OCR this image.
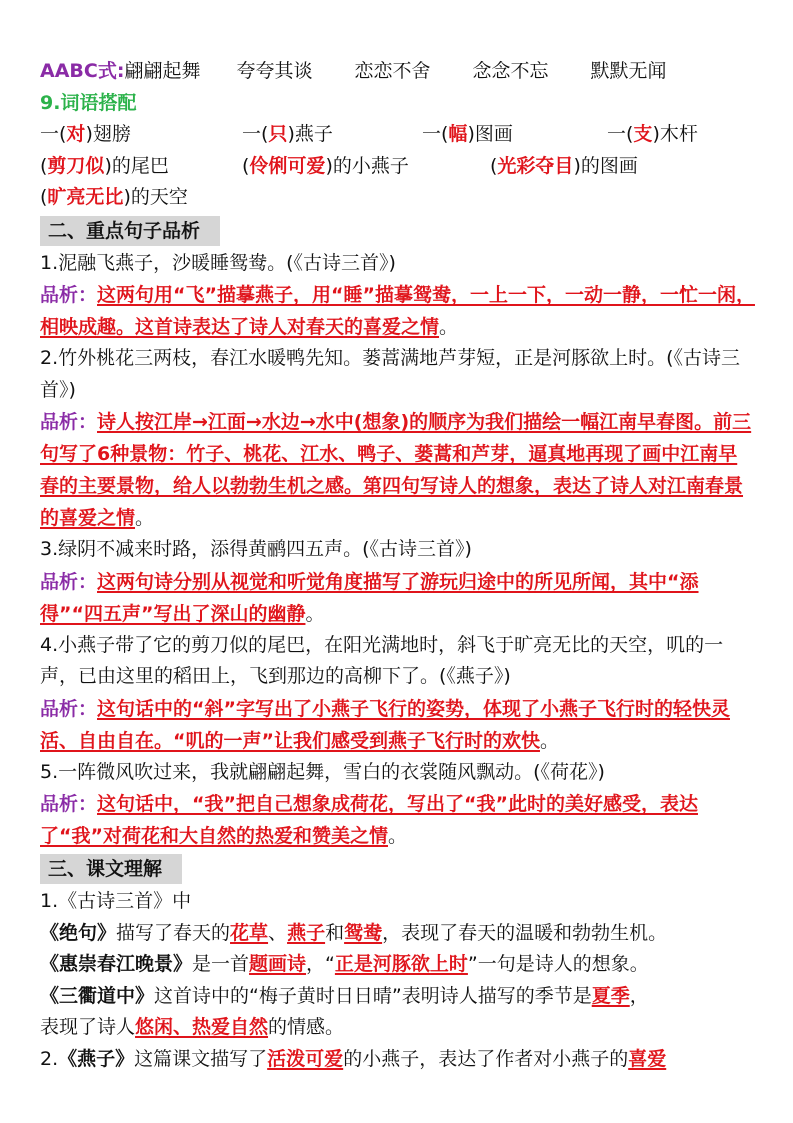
AABC式:翩翩起舞 夸夸其谈 恋恋不舍 念念不忘 默默无闻
9.词语搭配
一(对)翅膀	一(只)燕子	一(幅)图画	一(支)木杆
(剪刀似)的尾巴	(伶俐可爱)的小燕子	(光彩夺目)的图画
(旷亮无比)的天空
二、重点句子品析
1.泥融飞燕子，沙暖睡鸳鸯。(《古诗三首》)
品析：这两句用“飞”描摹燕子，用“睡”描摹鸳鸯，一上一下，一动一静，一忙一闲，相映成趣。这首诗表达了诗人对春天的喜爱之情。
2.竹外桃花三两枝，春江水暖鸭先知。蒌蒿满地芦芽短，正是河豚欲上时。(《古诗三首》)
品析：诗人按江岸→江面→水边→水中(想象)的顺序为我们描绘一幅江南早春图。前三句写了6种景物：竹子、桃花、江水、鸭子、蒌蒿和芦芽，逼真地再现了画中江南早春的主要景物，给人以勃勃生机之感。第四句写诗人的想象，表达了诗人对江南春景的喜爱之情。
3.绿阴不减来时路，添得黄鹂四五声。(《古诗三首》)
品析：这两句诗分别从视觉和听觉角度描写了游玩归途中的所见所闻，其中“添得”“四五声”写出了深山的幽静。
4.小燕子带了它的剪刀似的尾巴，在阳光满地时，斜飞于旷亮无比的天空，叽的一声，已由这里的稻田上，飞到那边的高柳下了。(《燕子》)
品析：这句话中的“斜”字写出了小燕子飞行的姿势，体现了小燕子飞行时的轻快灵活、自由自在。“叽的一声”让我们感受到燕子飞行时的欢快。
5.一阵微风吹过来，我就翩翩起舞，雪白的衣裳随风飘动。(《荷花》)
品析：这句话中，“我”把自己想象成荷花，写出了“我”此时的美好感受，表达了“我”对荷花和大自然的热爱和赞美之情。
三、课文理解
1.《古诗三首》中
《绝句》描写了春天的花草、燕子和鸳鸯，表现了春天的温暖和勃勃生机。
《惠崇春江晚景》是一首题画诗，“正是河豚欲上时”一句是诗人的想象。
《三衢道中》这首诗中的“梅子黄时日日晴”表明诗人描写的季节是夏季，
表现了诗人悠闲、热爱自然的情感。
2.《燕子》这篇课文描写了活泼可爱的小燕子，表达了作者对小燕子的喜爱
